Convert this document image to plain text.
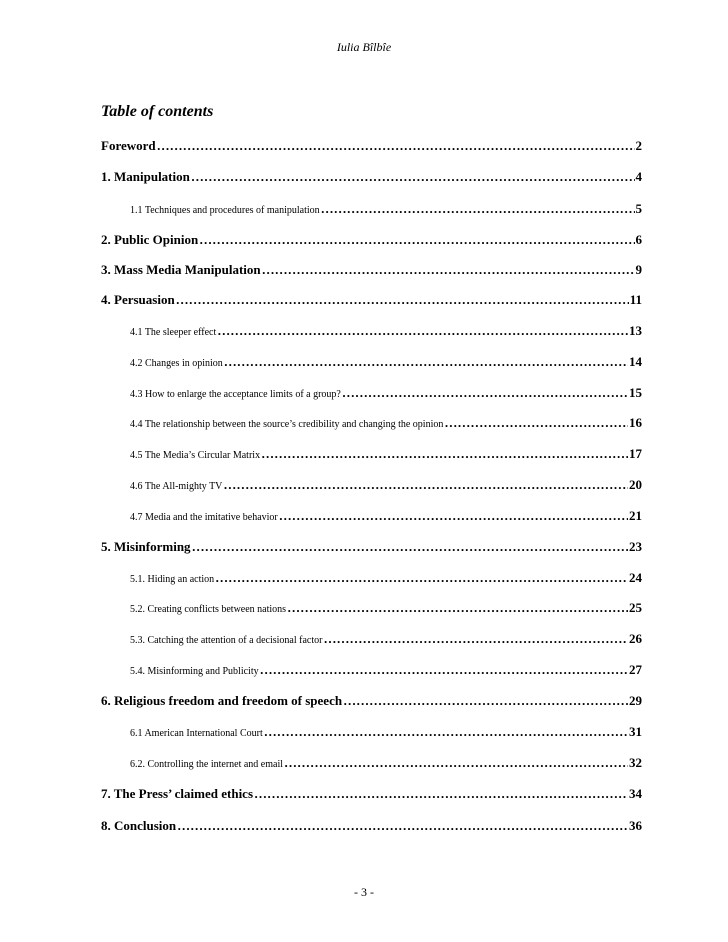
Iulia Bîlbîe
Table of contents
Foreword ……………………………………………………………………………………………………………………………………………………………………………………………………………	2
1. Manipulation ……………………………………………………………………………………………………………………………………………………………………………………………………………	4
1.1 Techniques and procedures of manipulation ……………………………………………………………………………………………………………………………………………………………………………………………………………	5
2. Public Opinion ……………………………………………………………………………………………………………………………………………………………………………………………………………	6
3. Mass Media Manipulation ……………………………………………………………………………………………………………………………………………………………………………………………………………	9
4. Persuasion ……………………………………………………………………………………………………………………………………………………………………………………………………………	11
4.1 The sleeper effect ……………………………………………………………………………………………………………………………………………………………………………………………………………	13
4.2 Changes in opinion ……………………………………………………………………………………………………………………………………………………………………………………………………………	14
4.3 How to enlarge the acceptance limits of a group? ……………………………………………………………………………………………………………………………………………………………………………………………………………	15
4.4 The relationship between the source’s credibility and changing the opinion ……………………………………………………………………………………………………………………………………………………………………………………………………………	16
4.5 The Media’s Circular Matrix ……………………………………………………………………………………………………………………………………………………………………………………………………………	17
4.6 The All-mighty TV ……………………………………………………………………………………………………………………………………………………………………………………………………………	20
4.7 Media and the imitative behavior ……………………………………………………………………………………………………………………………………………………………………………………………………………	21
5. Misinforming ……………………………………………………………………………………………………………………………………………………………………………………………………………	23
5.1. Hiding an action ……………………………………………………………………………………………………………………………………………………………………………………………………………	24
5.2. Creating conflicts between nations ……………………………………………………………………………………………………………………………………………………………………………………………………………	25
5.3. Catching the attention of a decisional factor ……………………………………………………………………………………………………………………………………………………………………………………………………………	26
5.4. Misinforming and Publicity ……………………………………………………………………………………………………………………………………………………………………………………………………………	27
6. Religious freedom and freedom of speech ……………………………………………………………………………………………………………………………………………………………………………………………………………	29
6.1 American International Court ……………………………………………………………………………………………………………………………………………………………………………………………………………	31
6.2. Controlling the internet and email ……………………………………………………………………………………………………………………………………………………………………………………………………………	32
7. The Press’ claimed ethics ……………………………………………………………………………………………………………………………………………………………………………………………………………	34
8. Conclusion ……………………………………………………………………………………………………………………………………………………………………………………………………………	36
- 3 -
